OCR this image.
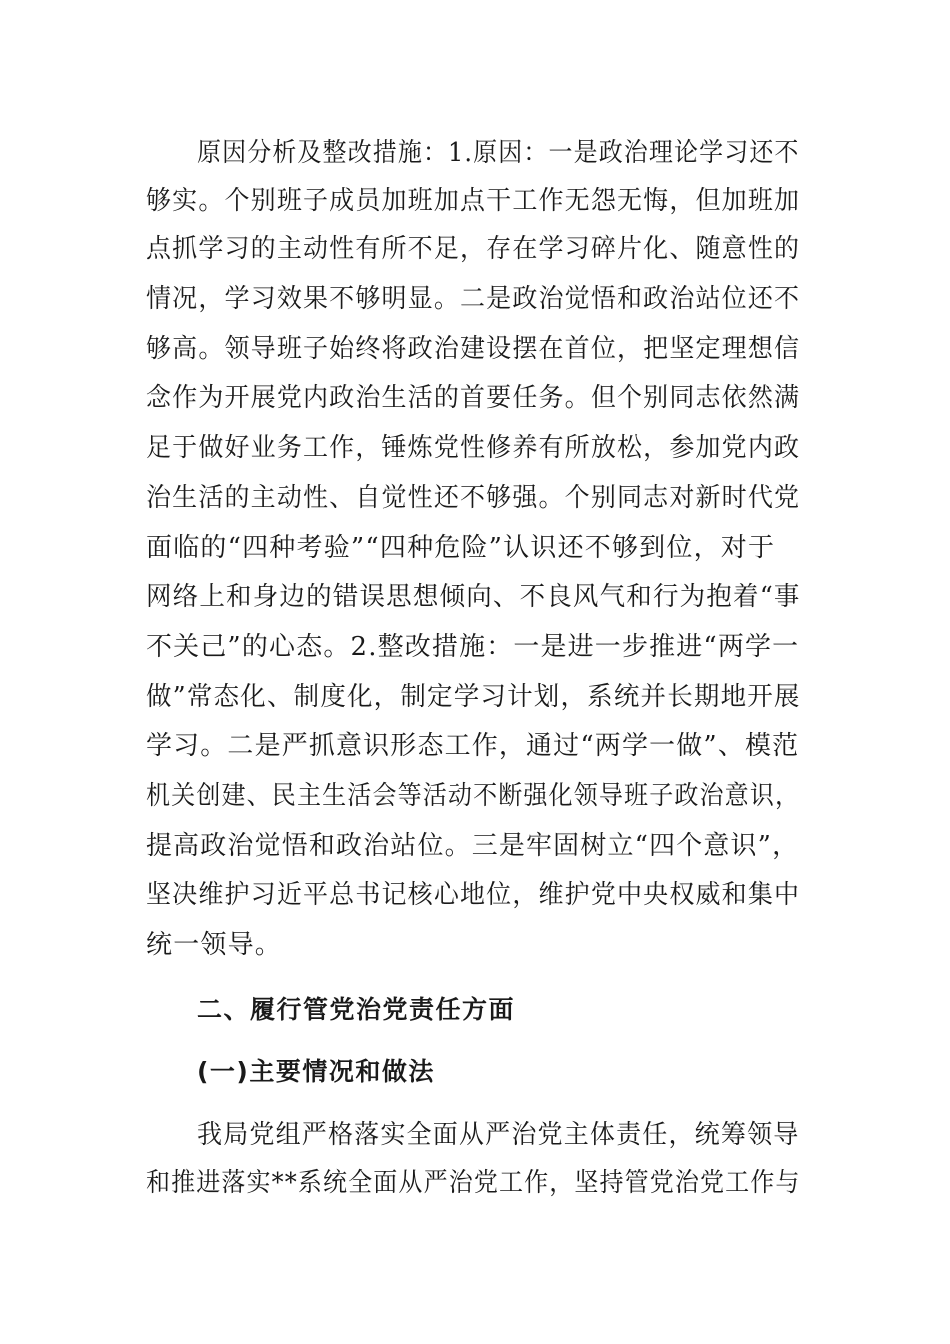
原因分析及整改措施：1.原因：一是政治理论学习还不
够实。个别班子成员加班加点干工作无怨无悔，但加班加
点抓学习的主动性有所不足，存在学习碎片化、随意性的
情况，学习效果不够明显。二是政治觉悟和政治站位还不
够高。领导班子始终将政治建设摆在首位，把坚定理想信
念作为开展党内政治生活的首要任务。但个别同志依然满
足于做好业务工作，锤炼党性修养有所放松，参加党内政
治生活的主动性、自觉性还不够强。个别同志对新时代党
面临的“四种考验”“四种危险”认识还不够到位，对于
网络上和身边的错误思想倾向、不良风气和行为抱着“事
不关己”的心态。2.整改措施：一是进一步推进“两学一
做”常态化、制度化，制定学习计划，系统并长期地开展
学习。二是严抓意识形态工作，通过“两学一做”、模范
机关创建、民主生活会等活动不断强化领导班子政治意识，
提高政治觉悟和政治站位。三是牢固树立“四个意识”，
坚决维护习近平总书记核心地位，维护党中央权威和集中
统一领导。
二、履行管党治党责任方面
(一)主要情况和做法
我局党组严格落实全面从严治党主体责任，统筹领导
和推进落实**系统全面从严治党工作，坚持管党治党工作与
